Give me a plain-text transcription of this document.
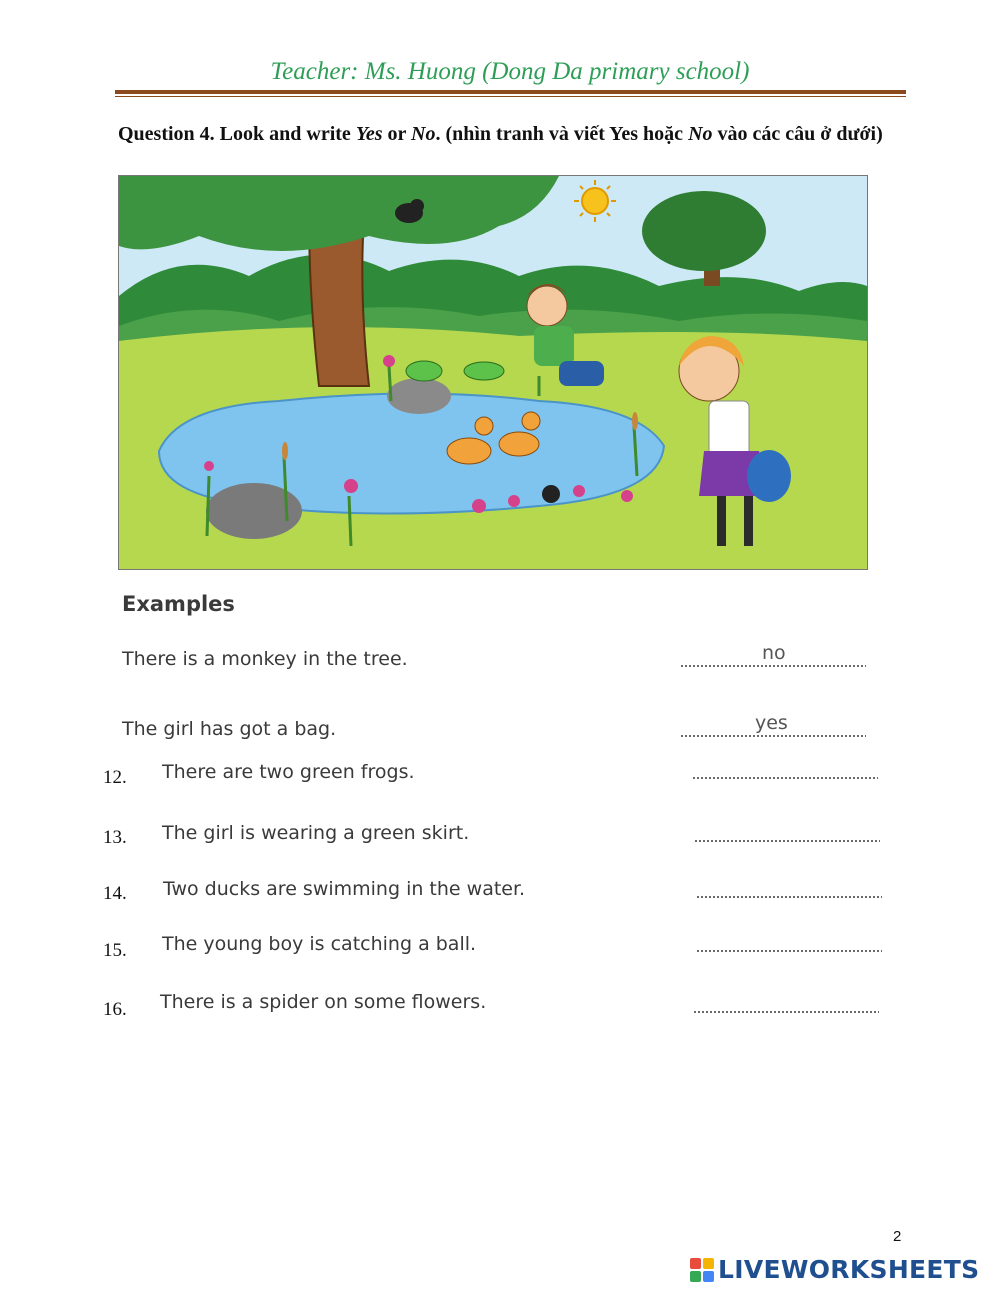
Teacher: Ms. Huong (Dong Da primary school)
Question 4. Look and write Yes or No. (nhìn tranh và viết Yes hoặc No vào các câu ở dưới)
Examples
There is a monkey in the tree.	no
The girl has got a bag.	yes
12. There are two green frogs.
13. The girl is wearing a green skirt.
14. Two ducks are swimming in the water.
15. The young boy is catching a ball.
16. There is a spider on some flowers.
2
LIVEWORKSHEETS
